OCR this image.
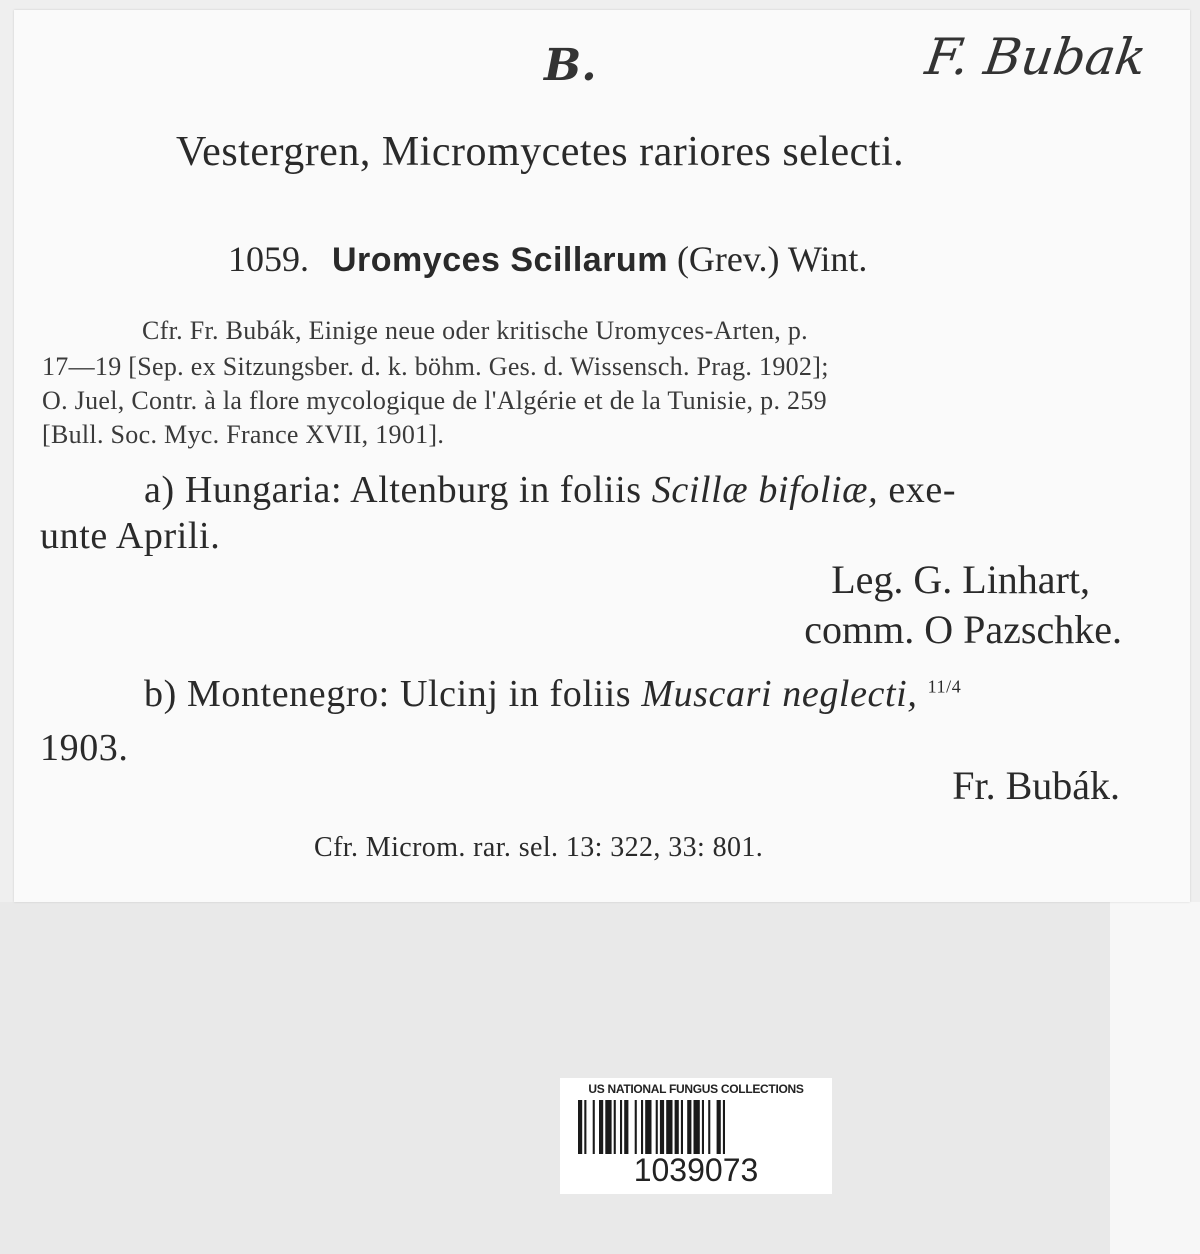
B.	F. Bubak
Vestergren, Micromycetes rariores selecti.
1059. Uromyces Scillarum (Grev.) Wint.
Cfr. Fr. Bubák, Einige neue oder kritische Uromyces-Arten, p.
17—19 [Sep. ex Sitzungsber. d. k. böhm. Ges. d. Wissensch. Prag. 1902];
O. Juel, Contr. à la flore mycologique de l'Algérie et de la Tunisie, p. 259
[Bull. Soc. Myc. France XVII, 1901].
a) Hungaria: Altenburg in foliis Scillæ bifoliæ, exe-
unte Aprili.
Leg. G. Linhart,
comm. O Pazschke.
b) Montenegro: Ulcinj in foliis Muscari neglecti, $^{11/4}$
1903.
Fr. Bubák.
Cfr. Microm. rar. sel. 13: 322, 33: 801.
US NATIONAL FUNGUS COLLECTIONS
1039073
